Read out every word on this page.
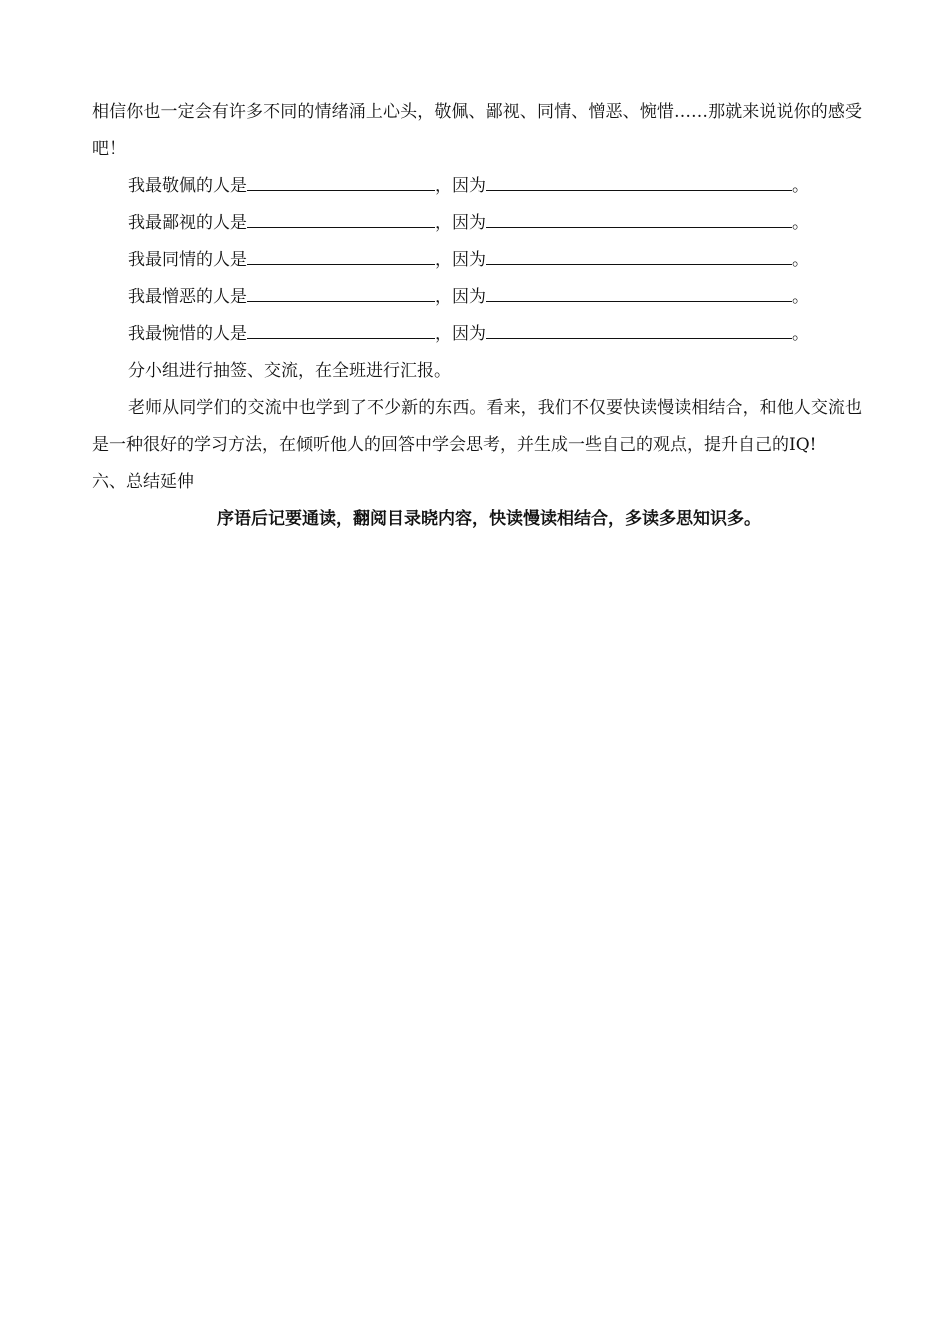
相信你也一定会有许多不同的情绪涌上心头，敬佩、鄙视、同情、憎恶、惋惜……那就来说说你的感受吧！

我最敬佩的人是	， 因为	。
我最鄙视的人是	， 因为	。
我最同情的人是	， 因为	。
我最憎恶的人是	， 因为	。
我最惋惜的人是	， 因为	。

分小组进行抽签、交流，在全班进行汇报。

老师从同学们的交流中也学到了不少新的东西。看来，我们不仅要快读慢读相结合，和他人交流也是一种很好的学习方法，在倾听他人的回答中学会思考，并生成一些自己的观点，提升自己的IQ!

六、总结延伸

序语后记要通读，翻阅目录晓内容，快读慢读相结合，多读多思知识多。
